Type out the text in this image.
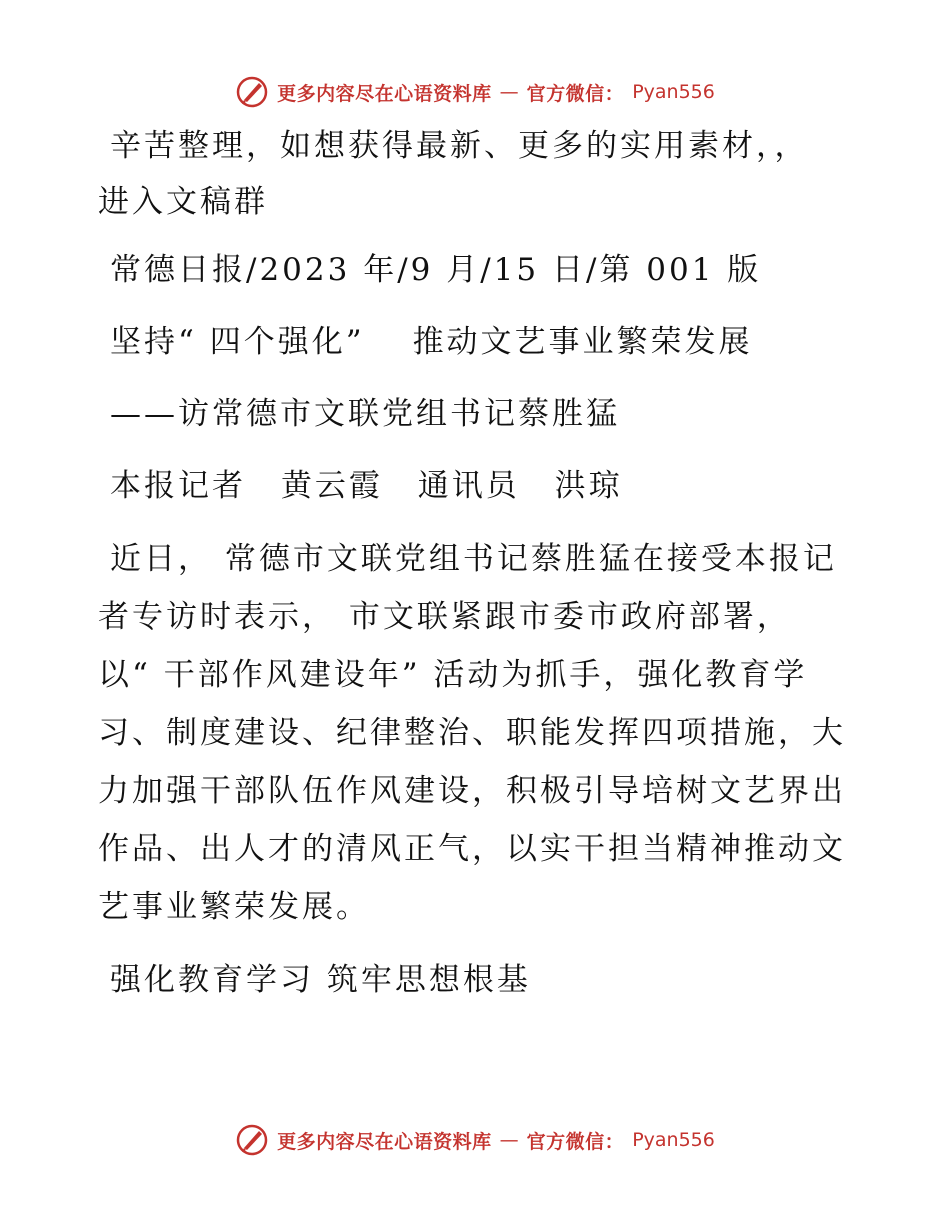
更多内容尽在心语资料库 — 官方微信： Pyan556
辛苦整理，如想获得最新、更多的实用素材，，
进入文稿群
常德日报/2023 年/9 月/15 日/第 001 版
坚持“ 四个强化” 推动文艺事业繁荣发展
——访常德市文联党组书记蔡胜猛
本报记者 黄云霞 通讯员 洪琼
近日， 常德市文联党组书记蔡胜猛在接受本报记
者专访时表示， 市文联紧跟市委市政府部署，
以“ 干部作风建设年” 活动为抓手，强化教育学
习、制度建设、纪律整治、职能发挥四项措施，大
力加强干部队伍作风建设，积极引导培树文艺界出
作品、出人才的清风正气，以实干担当精神推动文
艺事业繁荣发展。
强化教育学习 筑牢思想根基
更多内容尽在心语资料库 — 官方微信： Pyan556
